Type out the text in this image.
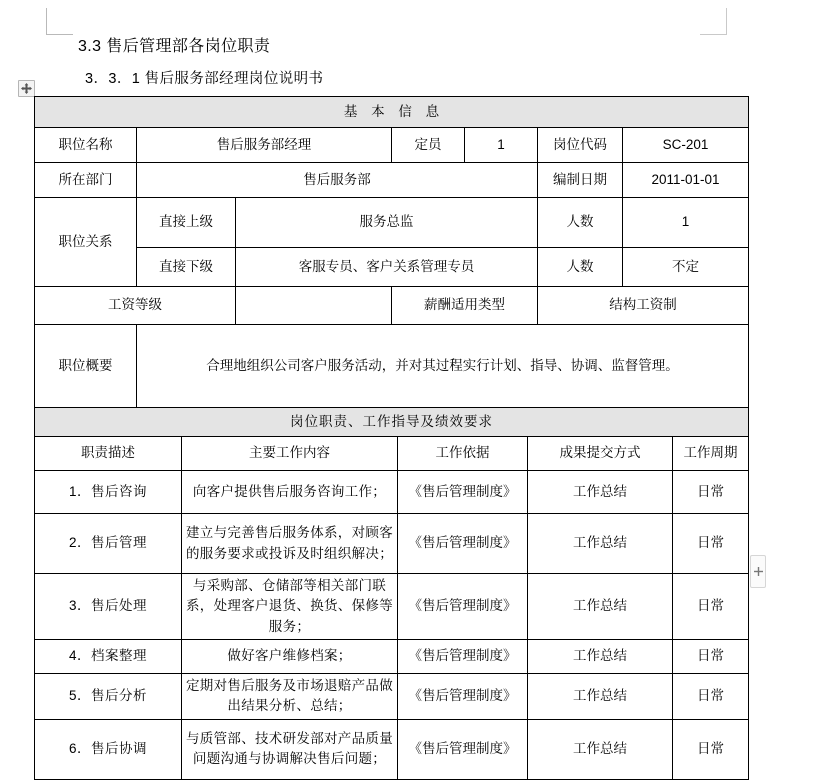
3.3 售后管理部各岗位职责
3．3．1 售后服务部经理岗位说明书
基 本 信 息						
职位名称	售后服务部经理		定员	1	岗位代码	SC-201
所在部门	售后服务部				编制日期	2011-01-01
职位关系	直接上级	服务总监			人数	1
	直接下级	客服专员、客户关系管理专员			人数	不定
工资等级			薪酬适用类型		结构工资制	
职位概要	合理地组织公司客户服务活动，并对其过程实行计划、指导、协调、监督管理。					
岗位职责、工作指导及绩效要求				
职责描述	主要工作内容	工作依据	成果提交方式	工作周期
1．售后咨询	向客户提供售后服务咨询工作；	《售后管理制度》	工作总结	日常
2．售后管理	建立与完善售后服务体系，对顾客的服务要求或投诉及时组织解决；	《售后管理制度》	工作总结	日常
3．售后处理	与采购部、仓储部等相关部门联系，处理客户退货、换货、保修等服务；	《售后管理制度》	工作总结	日常
4．档案整理	做好客户维修档案；	《售后管理制度》	工作总结	日常
5．售后分析	定期对售后服务及市场退赔产品做出结果分析、总结；	《售后管理制度》	工作总结	日常
6．售后协调	与质管部、技术研发部对产品质量问题沟通与协调解决售后问题；	《售后管理制度》	工作总结	日常
